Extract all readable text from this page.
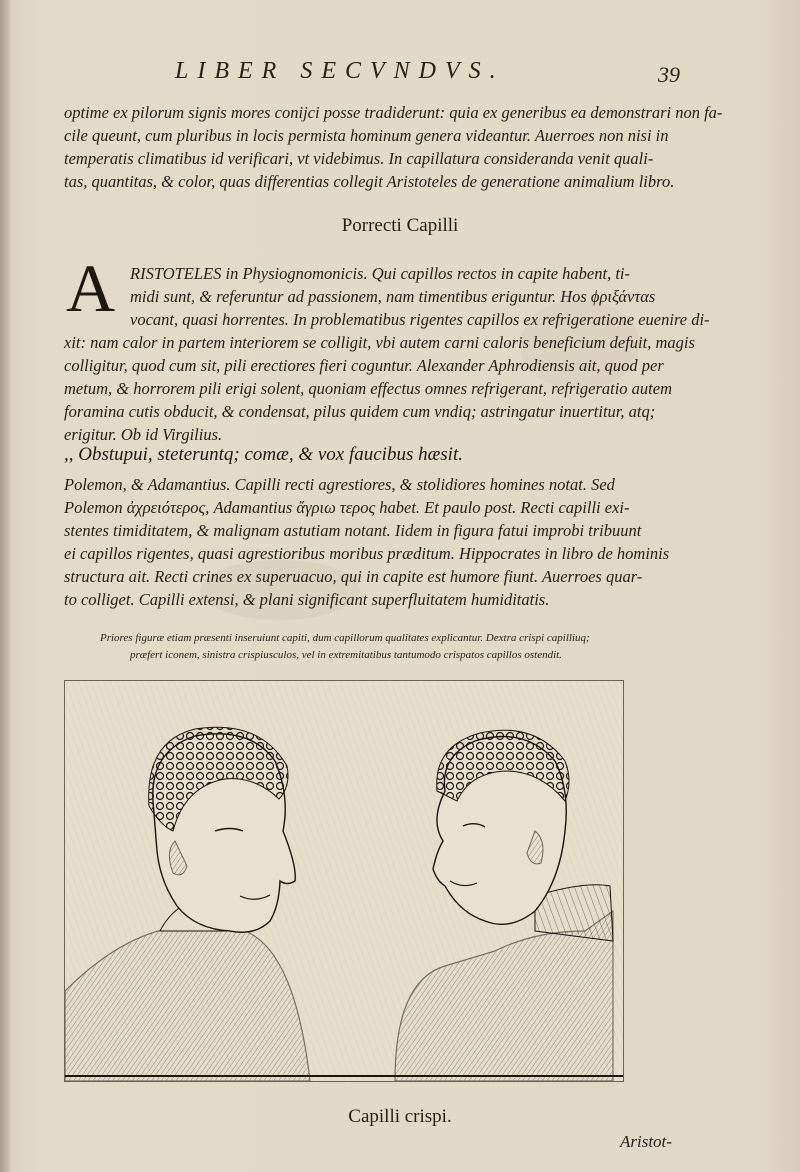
LIBER SECVNDVS.	39

optime ex pilorum signis mores conijci posse tradiderunt: quia ex generibus ea demonstrari non fa-

cile queunt, cum pluribus in locis permista hominum genera videantur. Auerroes non nisi in

temperatis climatibus id verificari, vt videbimus. In capillatura consideranda venit quali-

tas, quantitas, & color, quas differentias collegit Aristoteles de generatione animalium libro.

Porrecti Capilli
A RISTOTELES in Physiognomonicis. Qui capillos rectos in capite habent, ti-

midi sunt, & referuntur ad passionem, nam timentibus eriguntur. Hos ϕριξάνταs

vocant, quasi horrentes. In problematibus rigentes capillos ex refrigeratione euenire di-

xit: nam calor in partem interiorem se colligit, vbi autem carni caloris beneficium defuit, magis

colligitur, quod cum sit, pili erectiores fieri coguntur. Alexander Aphrodiensis ait, quod per

metum, & horrorem pili erigi solent, quoniam effectus omnes refrigerant, refrigeratio autem

foramina cutis obducit, & condensat, pilus quidem cum vndiq; astringatur inuertitur, atq;

erigitur. Ob id Virgilius.

,, Obstupui, steteruntq; comæ, & vox faucibus hæsit.

Polemon, & Adamantius. Capilli recti agrestiores, & stolidiores homines notat. Sed

Polemon ἀχρειότερος, Adamantius ἄγριω τερος habet. Et paulo post. Recti capilli exi-

stentes timiditatem, & malignam astutiam notant. Iidem in figura fatui improbi tribuunt

ei capillos rigentes, quasi agrestioribus moribus præditum. Hippocrates in libro de hominis

structura ait. Recti crines ex superuacuo, qui in capite est humore fiunt. Auerroes quar-

to colliget. Capilli extensi, & plani significant superfluitatem humiditatis.

Priores figuræ etiam præsenti inseruiunt capiti, dum capillorum qualitates explicantur. Dextra crispi capilliuq;
præfert iconem, sinistra crispiusculos, vel in extremitatibus tantumodo crispatos capillos ostendit.
Capilli crispi.
Aristot-
